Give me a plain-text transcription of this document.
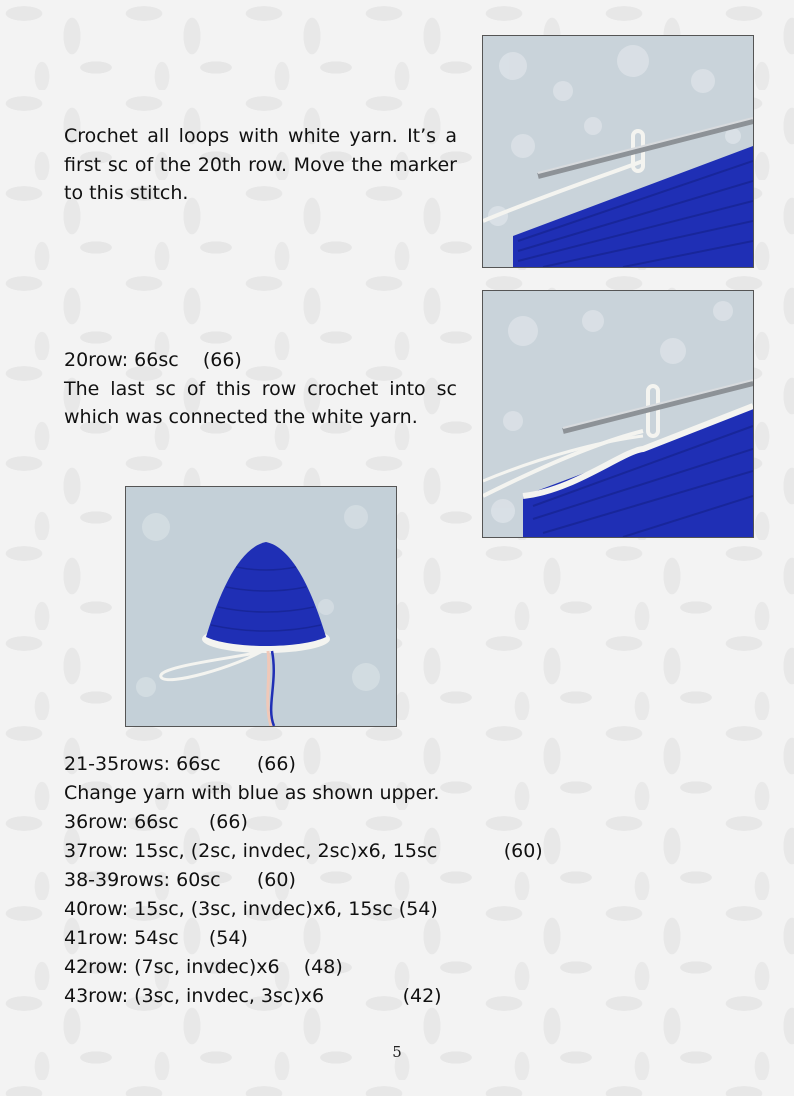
Crochet all loops with white yarn. It’s a first sc of the 20th row. Move the marker to this stitch.

20row: 66sc    (66)
The last sc of this row crochet into sc which was connected the white yarn.
21-35rows: 66sc      (66)
Change yarn with blue as shown upper.
36row: 66sc     (66)
37row: 15sc, (2sc, invdec, 2sc)x6, 15sc           (60)
38-39rows: 60sc      (60)
40row: 15sc, (3sc, invdec)x6, 15sc (54)
41row: 54sc     (54)
42row: (7sc, invdec)x6    (48)
43row: (3sc, invdec, 3sc)x6             (42)
5
